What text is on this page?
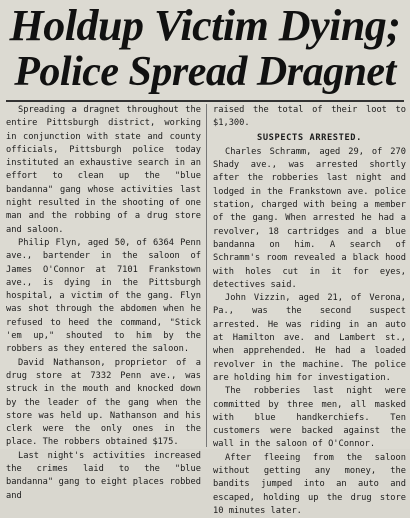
Holdup Victim Dying;
Police Spread Dragnet

Spreading a dragnet throughout the entire Pittsburgh district, working in conjunction with state and county officials, Pittsburgh police today instituted an exhaustive search in an effort to clean up the "blue bandanna" gang whose activities last night resulted in the shooting of one man and the robbing of a drug store and saloon.

Philip Flyn, aged 50, of 6364 Penn ave., bartender in the saloon of James O'Connor at 7101 Frankstown ave., is dying in the Pittsburgh hospital, a victim of the gang. Flyn was shot through the abdomen when he refused to heed the command, "Stick 'em up," shouted to him by the robbers as they entered the saloon.

David Nathanson, proprietor of a drug store at 7332 Penn ave., was struck in the mouth and knocked down by the leader of the gang when the store was held up. Nathanson and his clerk were the only ones in the place. The robbers obtained $175.

Last night's activities increased the crimes laid to the "blue bandanna" gang to eight places robbed and

raised the total of their loot to $1,300.

SUSPECTS ARRESTED.

Charles Schramm, aged 29, of 270 Shady ave., was arrested shortly after the robberies last night and lodged in the Frankstown ave. police station, charged with being a member of the gang. When arrested he had a revolver, 18 cartridges and a blue bandanna on him. A search of Schramm's room revealed a black hood with holes cut in it for eyes, detectives said.

John Vizzin, aged 21, of Verona, Pa., was the second suspect arrested. He was riding in an auto at Hamilton ave. and Lambert st., when apprehended. He had a loaded revolver in the machine. The police are holding him for investigation.

The robberies last night were committed by three men, all masked with blue handkerchiefs. Ten customers were backed against the wall in the saloon of O'Connor.

After fleeing from the saloon without getting any money, the bandits jumped into an auto and escaped, holding up the drug store 10 minutes later.
